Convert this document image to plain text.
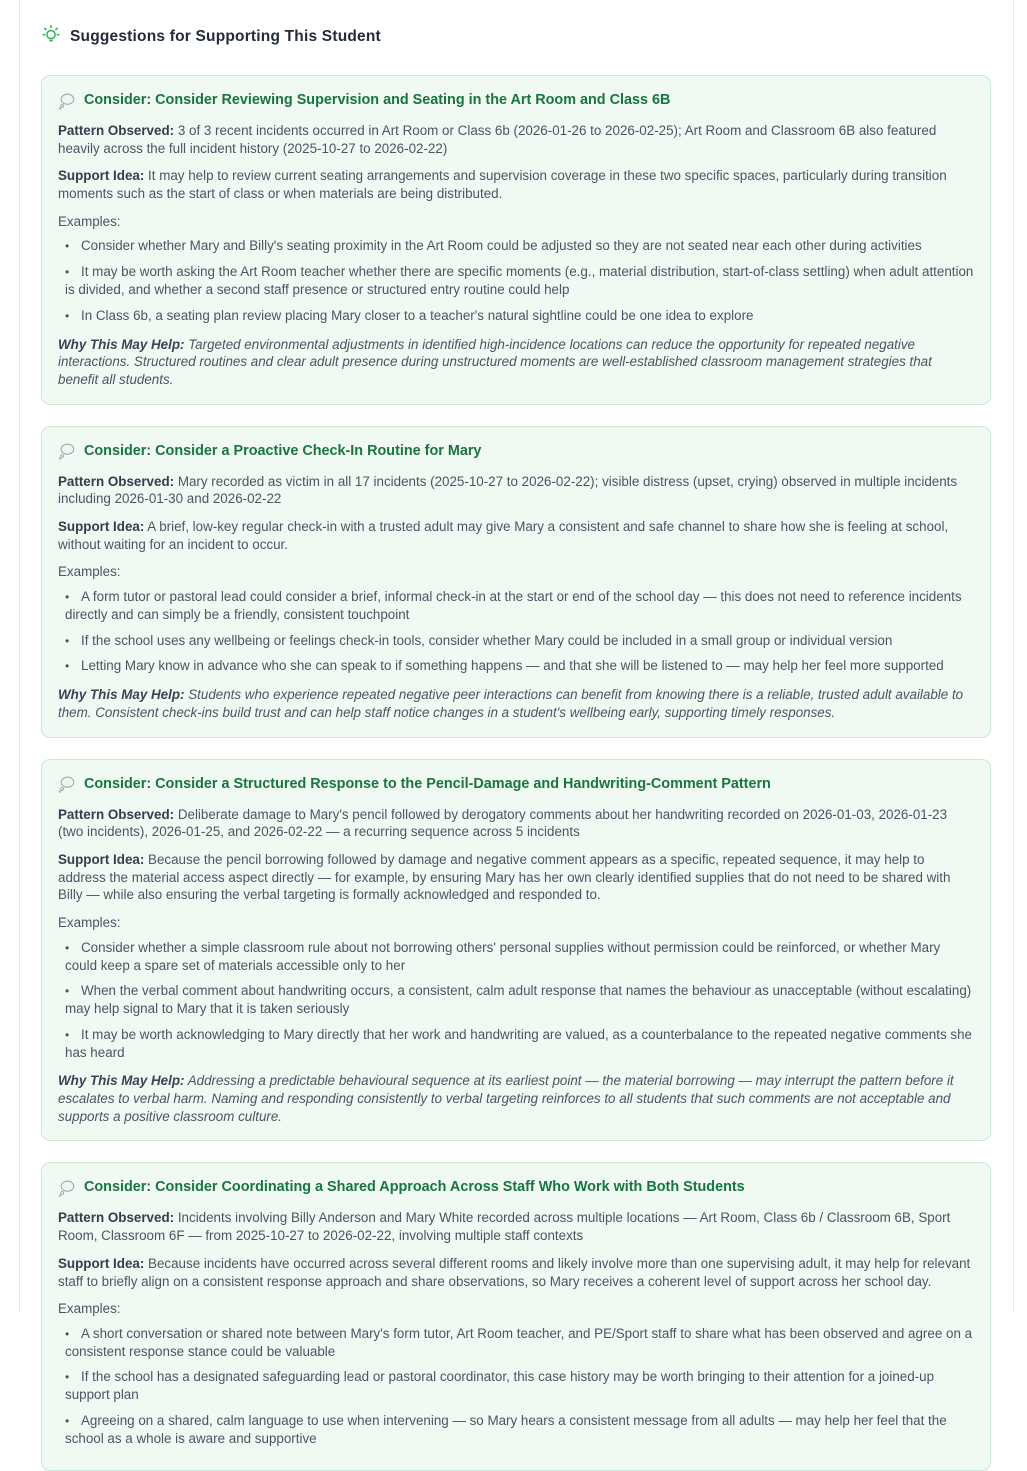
Suggestions for Supporting This Student
Consider: Consider Reviewing Supervision and Seating in the Art Room and Class 6B

Pattern Observed: 3 of 3 recent incidents occurred in Art Room or Class 6b (2026-01-26 to 2026-02-25); Art Room and Classroom 6B also featured heavily across the full incident history (2025-10-27 to 2026-02-22)

Support Idea: It may help to review current seating arrangements and supervision coverage in these two specific spaces, particularly during transition moments such as the start of class or when materials are being distributed.

Examples:

• Consider whether Mary and Billy's seating proximity in the Art Room could be adjusted so they are not seated near each other during activities
• It may be worth asking the Art Room teacher whether there are specific moments (e.g., material distribution, start-of-class settling) when adult attention is divided, and whether a second staff presence or structured entry routine could help
• In Class 6b, a seating plan review placing Mary closer to a teacher's natural sightline could be one idea to explore

Why This May Help: Targeted environmental adjustments in identified high-incidence locations can reduce the opportunity for repeated negative interactions. Structured routines and clear adult presence during unstructured moments are well-established classroom management strategies that benefit all students.

Consider: Consider a Proactive Check-In Routine for Mary

Pattern Observed: Mary recorded as victim in all 17 incidents (2025-10-27 to 2026-02-22); visible distress (upset, crying) observed in multiple incidents including 2026-01-30 and 2026-02-22

Support Idea: A brief, low-key regular check-in with a trusted adult may give Mary a consistent and safe channel to share how she is feeling at school, without waiting for an incident to occur.

Examples:

• A form tutor or pastoral lead could consider a brief, informal check-in at the start or end of the school day — this does not need to reference incidents directly and can simply be a friendly, consistent touchpoint
• If the school uses any wellbeing or feelings check-in tools, consider whether Mary could be included in a small group or individual version
• Letting Mary know in advance who she can speak to if something happens — and that she will be listened to — may help her feel more supported

Why This May Help: Students who experience repeated negative peer interactions can benefit from knowing there is a reliable, trusted adult available to them. Consistent check-ins build trust and can help staff notice changes in a student's wellbeing early, supporting timely responses.

Consider: Consider a Structured Response to the Pencil-Damage and Handwriting-Comment Pattern

Pattern Observed: Deliberate damage to Mary's pencil followed by derogatory comments about her handwriting recorded on 2026-01-03, 2026-01-23 (two incidents), 2026-01-25, and 2026-02-22 — a recurring sequence across 5 incidents

Support Idea: Because the pencil borrowing followed by damage and negative comment appears as a specific, repeated sequence, it may help to address the material access aspect directly — for example, by ensuring Mary has her own clearly identified supplies that do not need to be shared with Billy — while also ensuring the verbal targeting is formally acknowledged and responded to.

Examples:

• Consider whether a simple classroom rule about not borrowing others' personal supplies without permission could be reinforced, or whether Mary could keep a spare set of materials accessible only to her
• When the verbal comment about handwriting occurs, a consistent, calm adult response that names the behaviour as unacceptable (without escalating) may help signal to Mary that it is taken seriously
• It may be worth acknowledging to Mary directly that her work and handwriting are valued, as a counterbalance to the repeated negative comments she has heard

Why This May Help: Addressing a predictable behavioural sequence at its earliest point — the material borrowing — may interrupt the pattern before it escalates to verbal harm. Naming and responding consistently to verbal targeting reinforces to all students that such comments are not acceptable and supports a positive classroom culture.

Consider: Consider Coordinating a Shared Approach Across Staff Who Work with Both Students

Pattern Observed: Incidents involving Billy Anderson and Mary White recorded across multiple locations — Art Room, Class 6b / Classroom 6B, Sport Room, Classroom 6F — from 2025-10-27 to 2026-02-22, involving multiple staff contexts

Support Idea: Because incidents have occurred across several different rooms and likely involve more than one supervising adult, it may help for relevant staff to briefly align on a consistent response approach and share observations, so Mary receives a coherent level of support across her school day.

Examples:

• A short conversation or shared note between Mary's form tutor, Art Room teacher, and PE/Sport staff to share what has been observed and agree on a consistent response stance could be valuable
• If the school has a designated safeguarding lead or pastoral coordinator, this case history may be worth bringing to their attention for a joined-up support plan
• Agreeing on a shared, calm language to use when intervening — so Mary hears a consistent message from all adults — may help her feel that the school as a whole is aware and supportive
